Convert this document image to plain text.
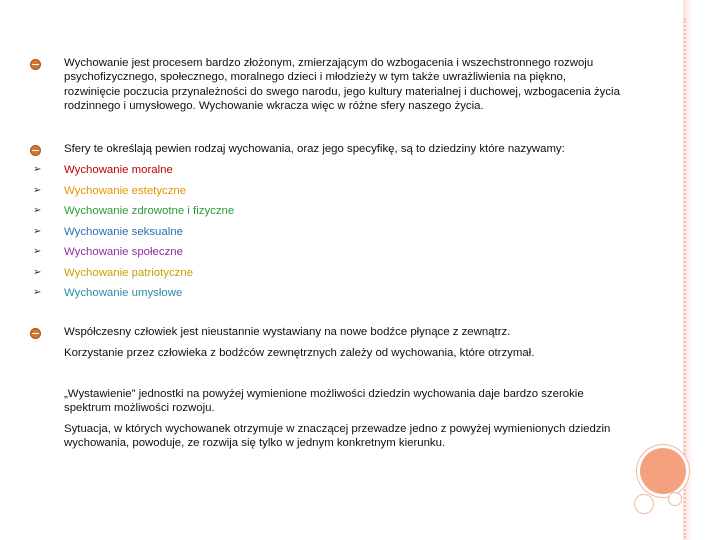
Wychowanie jest procesem bardzo złożonym, zmierzającym do wzbogacenia i wszechstronnego rozwoju psychofizycznego, społecznego, moralnego dzieci i młodzieży w tym także uwrażliwienia na piękno, rozwinięcie poczucia przynależności do swego narodu, jego kultury materialnej i duchowej, wzbogacenia życia rodzinnego i umysłowego. Wychowanie wkracza więc w różne sfery naszego życia.
Sfery te określają pewien rodzaj wychowania, oraz jego specyfikę, są to dziedziny które nazywamy:
➢ Wychowanie moralne
➢ Wychowanie estetyczne
➢ Wychowanie zdrowotne i fizyczne
➢ Wychowanie seksualne
➢ Wychowanie społeczne
➢ Wychowanie patriotyczne
➢ Wychowanie umysłowe
Współczesny człowiek jest nieustannie wystawiany na nowe bodźce płynące z zewnątrz.
Korzystanie przez człowieka z bodźców zewnętrznych zależy od wychowania, które otrzymał.
„Wystawienie” jednostki na powyżej wymienione możliwości dziedzin wychowania daje bardzo szerokie spektrum możliwości rozwoju.
Sytuacja, w których wychowanek otrzymuje w znaczącej przewadze jedno z powyżej wymienionych dziedzin wychowania, powoduje, ze rozwija się tylko w jednym konkretnym kierunku.
